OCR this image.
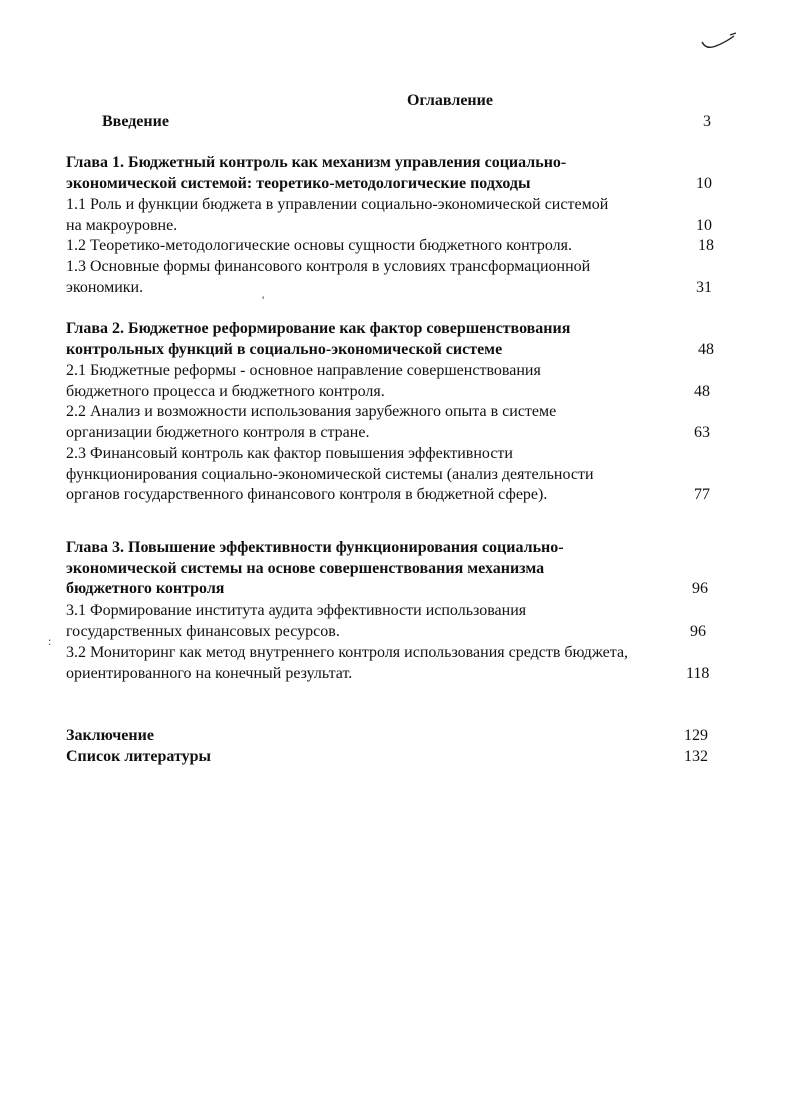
Оглавление
Введение	3
Глава 1. Бюджетный контроль как механизм управления социально-
экономической системой: теоретико-методологические подходы	10
1.1 Роль и функции бюджета в управлении социально-экономической системой
на макроуровне.	10
1.2 Теоретико-методологические основы сущности бюджетного контроля.	18
1.3 Основные формы финансового контроля в условиях трансформационной
экономики.	31
Глава 2. Бюджетное реформирование как фактор совершенствования
контрольных функций в социально-экономической системе	48
2.1 Бюджетные реформы - основное направление совершенствования
бюджетного процесса и бюджетного контроля.	48
2.2 Анализ и возможности использования зарубежного опыта в системе
организации бюджетного контроля в стране.	63
2.3 Финансовый контроль как фактор повышения эффективности
функционирования социально-экономической системы (анализ деятельности
органов государственного финансового контроля в бюджетной сфере).	77
Глава 3. Повышение эффективности функционирования социально-
экономической системы на основе совершенствования механизма
бюджетного контроля	96
3.1 Формирование института аудита эффективности использования
государственных финансовых ресурсов.	96
3.2 Мониторинг как метод внутреннего контроля использования средств бюджета,
ориентированного на конечный результат.	118
Заключение	129
Список литературы	132
'
:
